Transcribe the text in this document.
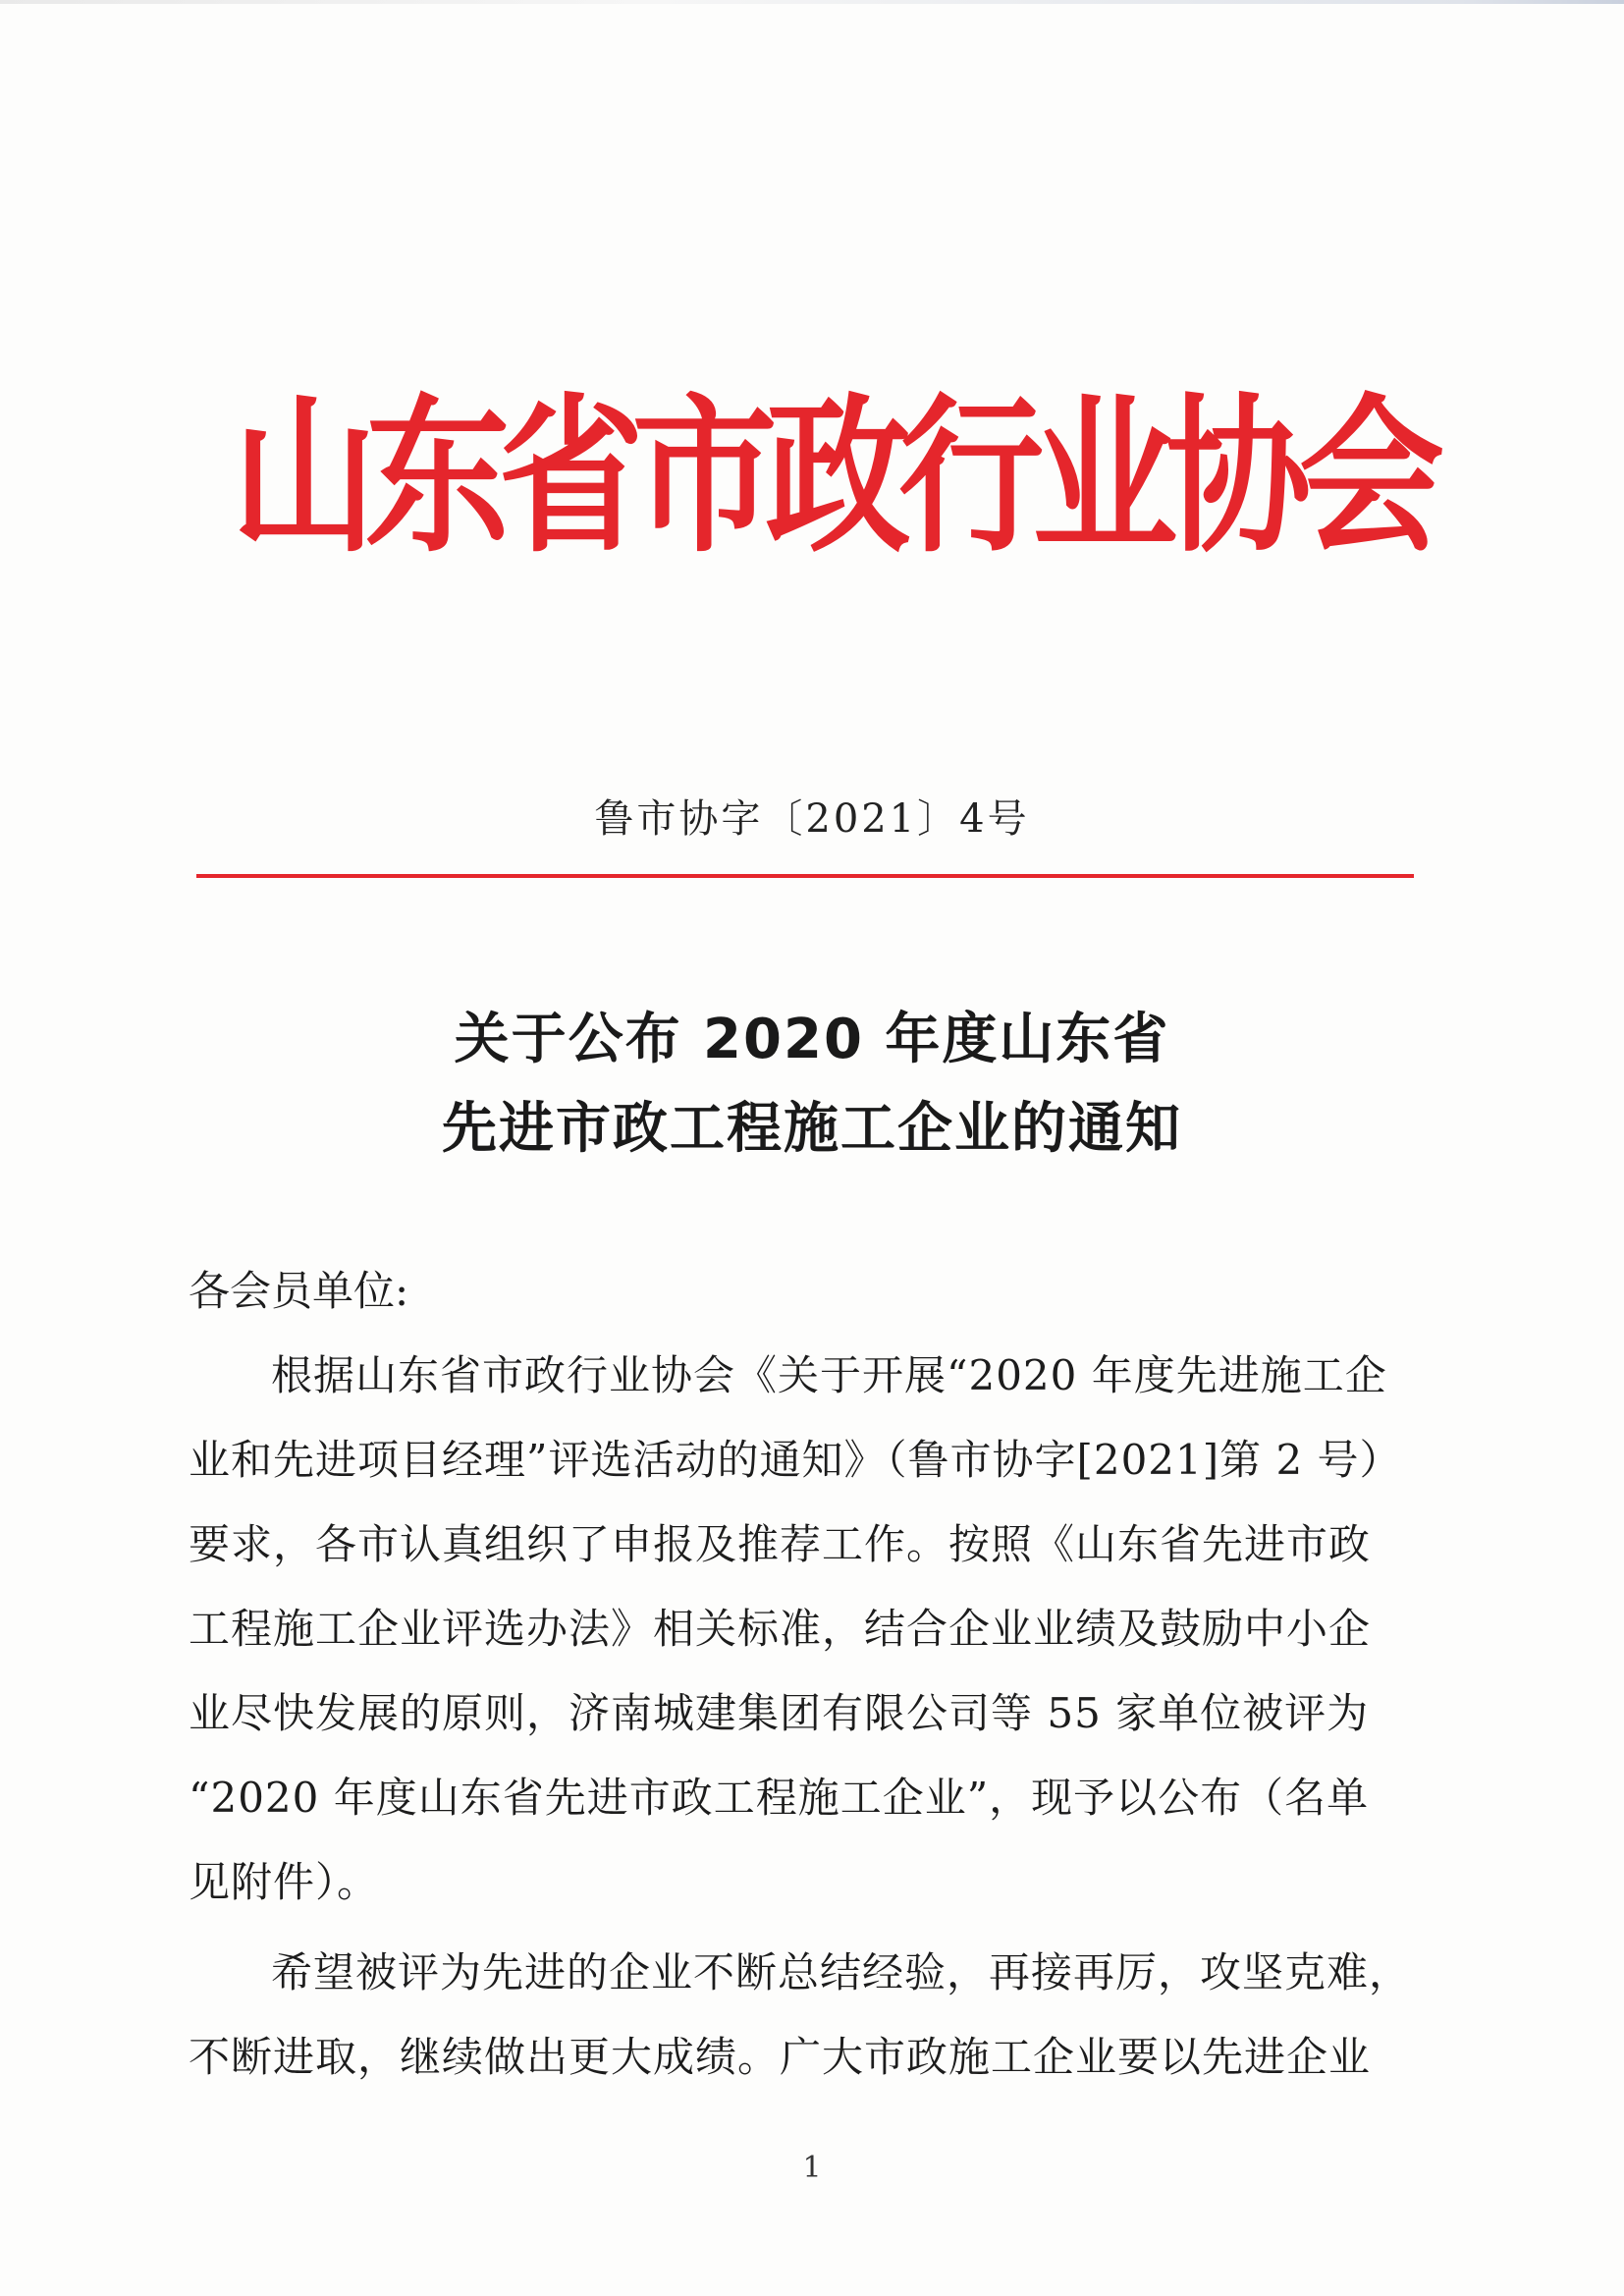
山东省市政行业协会
鲁市协字〔2021〕4号
关于公布 2020 年度山东省
先进市政工程施工企业的通知
各会员单位:
根据山东省市政行业协会《关于开展“2020 年度先进施工企
业和先进项目经理”评选活动的通知》（鲁市协字[2021]第 2 号）
要求，各市认真组织了申报及推荐工作。按照《山东省先进市政
工程施工企业评选办法》相关标准，结合企业业绩及鼓励中小企
业尽快发展的原则，济南城建集团有限公司等 55 家单位被评为
“2020 年度山东省先进市政工程施工企业”，现予以公布（名单
见附件）。
希望被评为先进的企业不断总结经验，再接再厉，攻坚克难，
不断进取，继续做出更大成绩。广大市政施工企业要以先进企业
1
